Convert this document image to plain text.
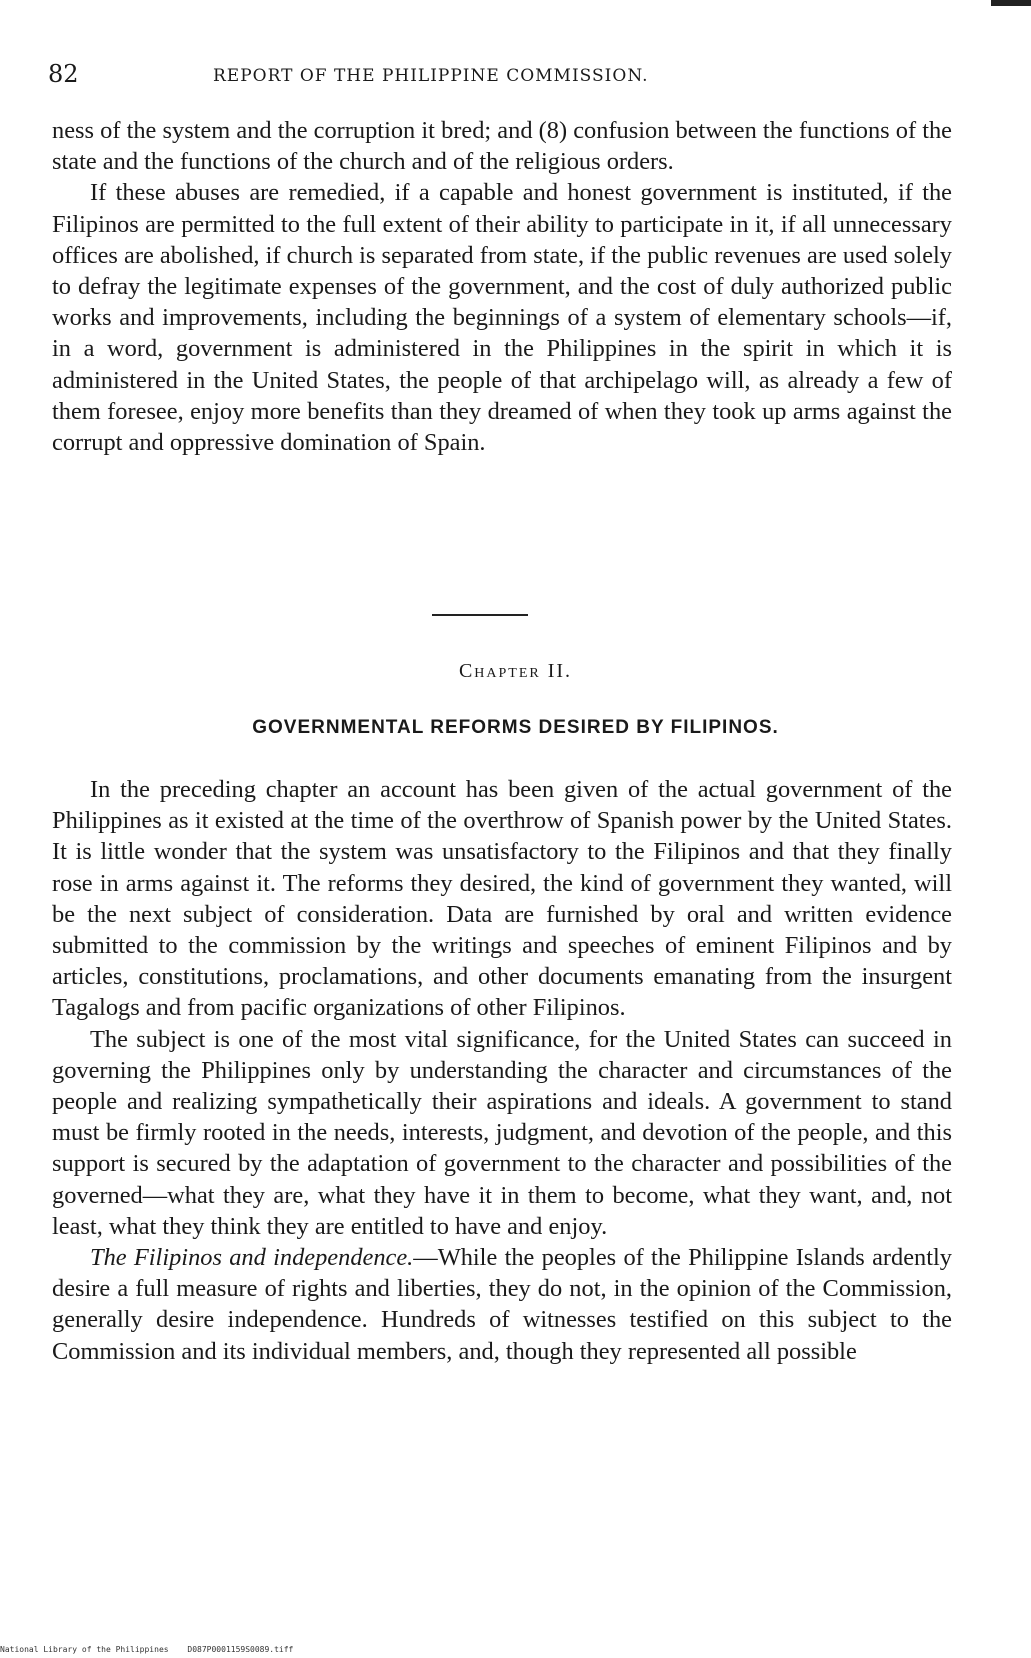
82	REPORT OF THE PHILIPPINE COMMISSION.

ness of the system and the corruption it bred; and (8) confusion between the functions of the state and the functions of the church and of the religious orders.

If these abuses are remedied, if a capable and honest government is instituted, if the Filipinos are permitted to the full extent of their ability to participate in it, if all unnecessary offices are abolished, if church is separated from state, if the public revenues are used solely to defray the legitimate expenses of the government, and the cost of duly authorized public works and improvements, including the beginnings of a system of elementary schools—if, in a word, government is administered in the Philippines in the spirit in which it is administered in the United States, the people of that archipelago will, as already a few of them foresee, enjoy more benefits than they dreamed of when they took up arms against the corrupt and oppressive domination of Spain.

Chapter II.
GOVERNMENTAL REFORMS DESIRED BY FILIPINOS.

In the preceding chapter an account has been given of the actual government of the Philippines as it existed at the time of the overthrow of Spanish power by the United States. It is little wonder that the system was unsatisfactory to the Filipinos and that they finally rose in arms against it. The reforms they desired, the kind of government they wanted, will be the next subject of consideration. Data are furnished by oral and written evidence submitted to the commission by the writings and speeches of eminent Filipinos and by articles, constitutions, proclamations, and other documents emanating from the insurgent Tagalogs and from pacific organizations of other Filipinos.

The subject is one of the most vital significance, for the United States can succeed in governing the Philippines only by understanding the character and circumstances of the people and realizing sympathetically their aspirations and ideals. A government to stand must be firmly rooted in the needs, interests, judgment, and devotion of the people, and this support is secured by the adaptation of government to the character and possibilities of the governed—what they are, what they have it in them to become, what they want, and, not least, what they think they are entitled to have and enjoy.

The Filipinos and independence.—While the peoples of the Philippine Islands ardently desire a full measure of rights and liberties, they do not, in the opinion of the Commission, generally desire independence. Hundreds of witnesses testified on this subject to the Commission and its individual members, and, though they represented all possible

National Library of the Philippines D087P0001159S0089.tiff
